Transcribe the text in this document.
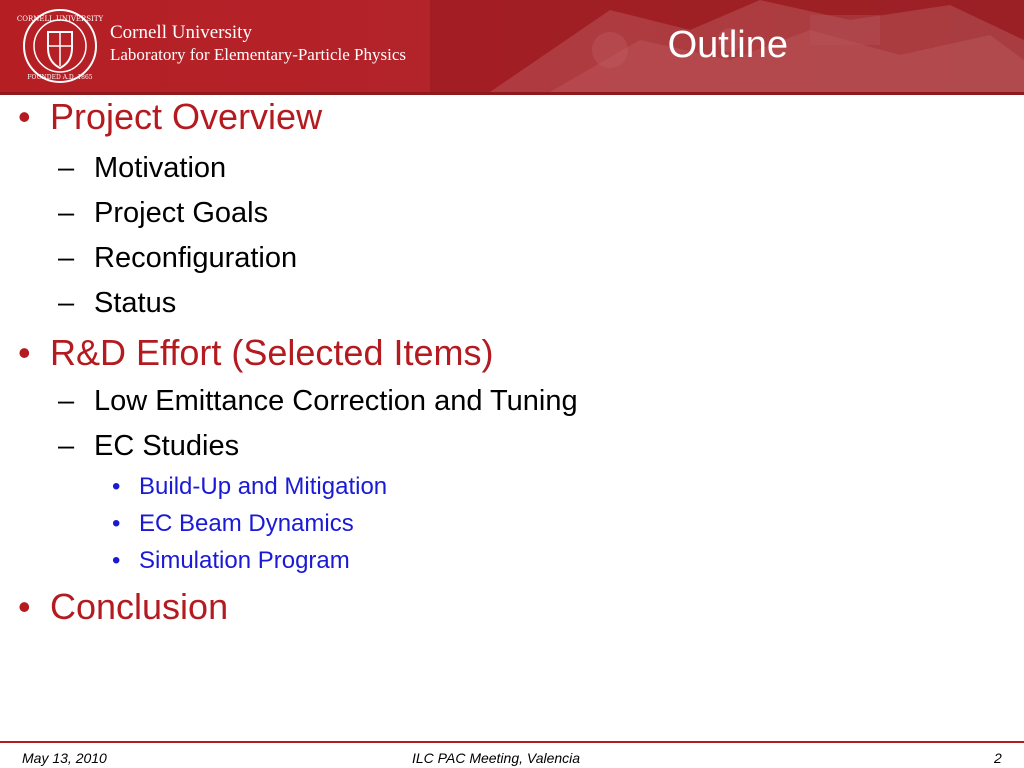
CORNELL UNIVERSITY
FOUNDED A.D. 1865
Cornell University
Laboratory for Elementary-Particle Physics	Outline
• Project Overview
– Motivation
– Project Goals
– Reconfiguration
– Status
• R&D Effort (Selected Items)
– Low Emittance Correction and Tuning
– EC Studies
• Build-Up and Mitigation
• EC Beam Dynamics
• Simulation Program
• Conclusion
May 13, 2010	ILC PAC Meeting, Valencia	2
